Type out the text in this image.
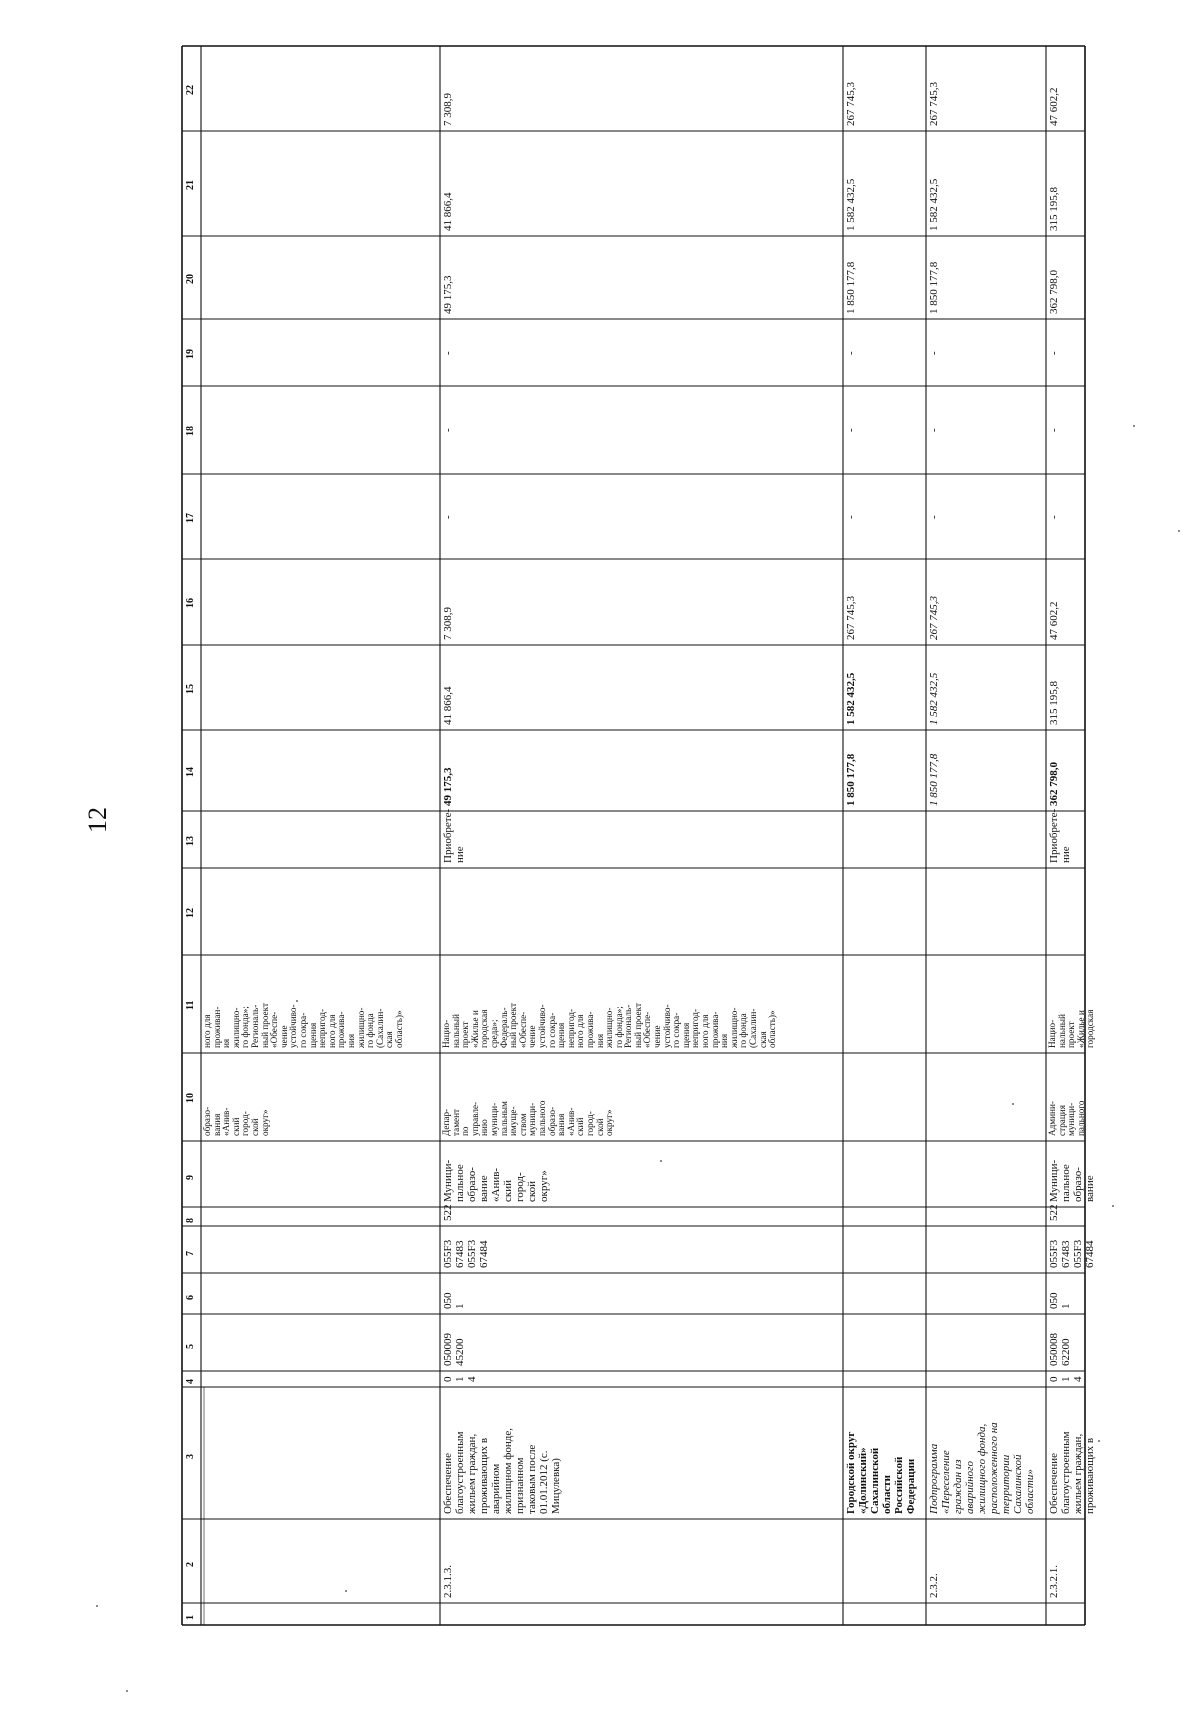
12
1
2
3
4
5
6
7
8
9
10
11
12
13
14
15
16
17
18
19
20
21
22
ного для
проживан-
ия
жилищно-
го фонда»;
Региональ-
ный проект
«Обеспе-
чение
устойчиво-
го сокра-
щения
непригод-
ного для
прожива-
ния
жилищно-
го фонда
(Сахалин-
ская
область)»
образо-
вания
«Анив-
ский
город-
ской
округ»
2.3.1.3.
Обеспечение
благоустроенным
жильем граждан,
проживающих в
аварийном
жилищном фонде,
признанном
таковым после
01.01.2012 (с.
Мицулевка)
0
1
4
050009
45200
050
1
055F3
67483
055F3
67484
522
Муници-
пальное
образо-
вание
«Анив-
ский
город-
ской
округ»
Депар-
тамент
по
управле-
нию
муници-
пальным
имуще-
ством
муници-
пального
образо-
вания
«Анив-
ский
город-
ской
округ»
Нацио-
нальный
проект
«Жилье и
городская
среда»;
Федераль-
ный проект
«Обеспе-
чение
устойчиво-
го сокра-
щения
непригод-
ного для
прожива-
ния
жилищно-
го фонда»;
Региональ-
ный проект
«Обеспе-
чение
устойчиво-
го сокра-
щения
непригод-
ного для
прожива-
ния
жилищно-
го фонда
(Сахалин-
ская
область)»
Приобрете-
ние
49 175,3
41 866,4
7 308,9
-
-
-
49 175,3
41 866,4
7 308,9
Городской округ
«Долинский»
Сахалинской
области
Российской
Федерации
1 850 177,8
1 582 432,5
267 745,3
-
-
-
1 850 177,8
1 582 432,5
267 745,3
2.3.2.
Подпрограмма
«Переселение
граждан из
аварийного
жилищного фонда,
расположенного на
территории
Сахалинской
области»
1 850 177,8
1 582 432,5
267 745,3
-
-
-
1 850 177,8
1 582 432,5
267 745,3
2.3.2.1.
Обеспечение
благоустроенным
жильем граждан,
проживающих в
0
1
4
050008
62200
050
1
055F3
67483
055F3
67484
522
Муници-
пальное
образо-
вание
Админи-
страция
муници-
пального
Нацио-
нальный
проект
«Жилье и
городская
Приобрете-
ние
362 798,0
315 195,8
47 602,2
-
-
-
362 798,0
315 195,8
47 602,2
